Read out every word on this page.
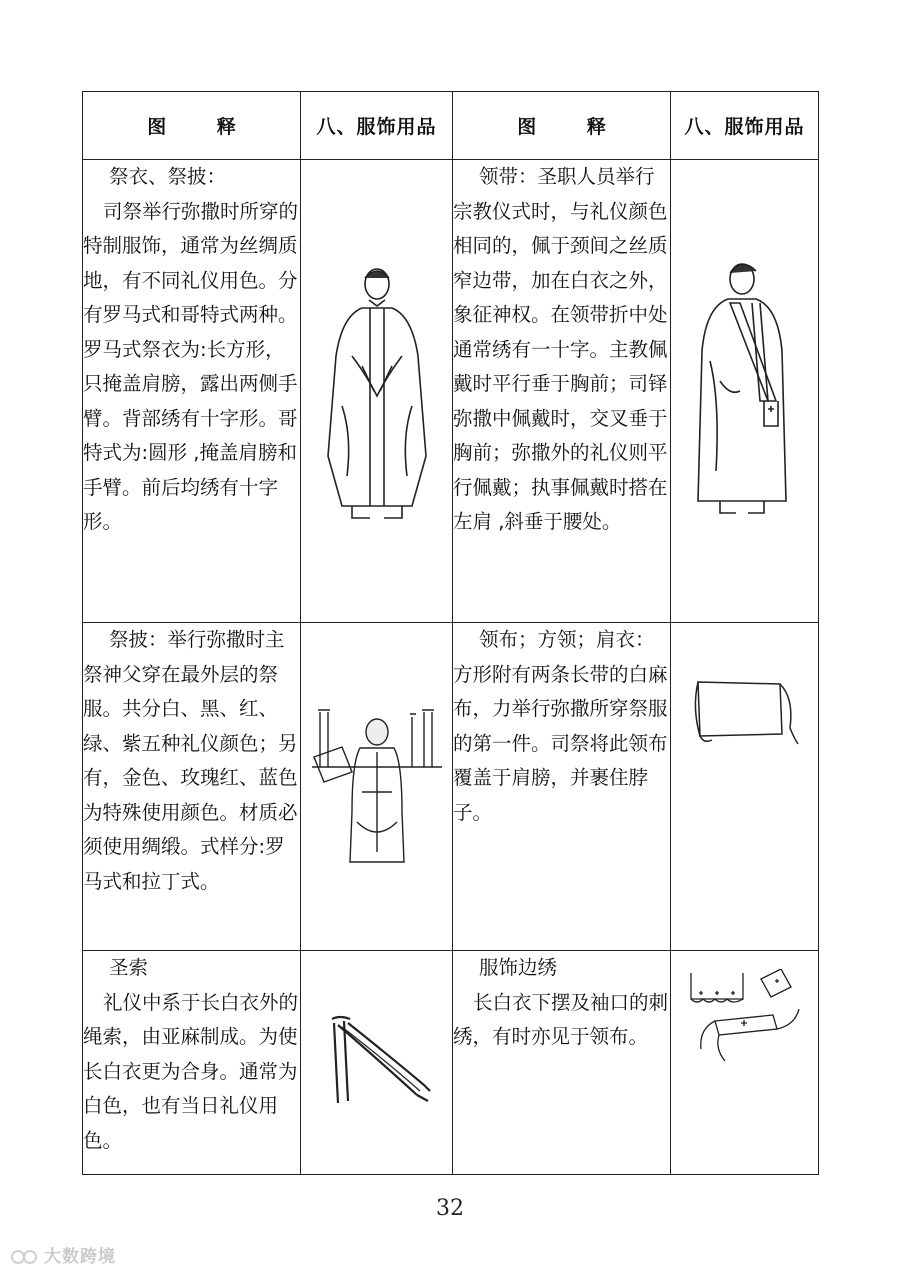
图 释	八、服饰用品	图 释	八、服饰用品

祭衣、祭披：
司祭举行弥撒时所穿的特制服饰，通常为丝绸质地，有不同礼仪用色。分有罗马式和哥特式两种。罗马式祭衣为:长方形，只掩盖肩膀，露出两侧手臂。背部绣有十字形。哥特式为:圆形 ,掩盖肩膀和手臂。前后均绣有十字形。		领带：圣职人员举行宗教仪式时，与礼仪颜色相同的，佩于颈间之丝质窄边带，加在白衣之外，象征神权。在领带折中处通常绣有一十字。主教佩戴时平行垂于胸前；司铎弥撒中佩戴时，交叉垂于胸前；弥撒外的礼仪则平行佩戴；执事佩戴时搭在左肩 ,斜垂于腰处。

祭披：举行弥撒时主祭神父穿在最外层的祭服。共分白、黑、红、绿、紫五种礼仪颜色；另有，金色、玫瑰红、蓝色为特殊使用颜色。材质必须使用绸缎。式样分:罗马式和拉丁式。		领布；方领；肩衣：方形附有两条长带的白麻布，力举行弥撒所穿祭服的第一件。司祭将此领布覆盖于肩膀，并裹住脖子。

圣索
礼仪中系于长白衣外的绳索，由亚麻制成。为使长白衣更为合身。通常为白色，也有当日礼仪用色。		服饰边绣
长白衣下摆及袖口的刺绣，有时亦见于领布。

32
大数跨境
